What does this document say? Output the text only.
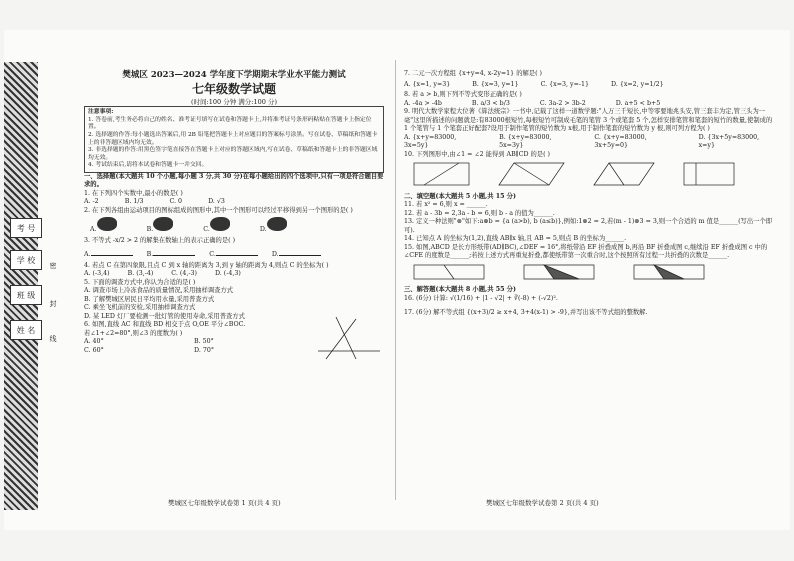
考 号
学 校
班 级
姓 名
密
封
线

樊城区 2023—2024 学年度下学期期末学业水平能力测试

七年级数学试题

(时间:100 分钟 满分:100 分)

注意事项:

1. 答卷前,考生务必将自己的姓名、准考证号填写在试卷和答题卡上,并将准考证号条形码粘贴在答题卡上指定位置。

2. 选择题的作答:每小题选出答案后,用 2B 铅笔把答题卡上对应题目的答案标号涂黑。写在试卷、草稿纸和答题卡上的非答题区域内均无效。

3. 非选择题的作答:用黑色签字笔直接答在答题卡上对应的答题区域内,写在试卷、草稿纸和答题卡上的非答题区域均无效。

4. 考试结束后,请将本试卷和答题卡一并交回。

一、选择题(本大题共 10 个小题,每小题 3 分,共 30 分)在每小题给出的四个选项中,只有一项是符合题目要求的。

1. 在下列四个实数中,最小的数是( )

A. -2	B. 1/3	C. 0	D. √3

2. 在下列各组由运动项目的图标组成的图形中,其中一个图形可以经过平移得到另一个图形的是( )

A.	B.	C.	D.

3. 不等式 -x/2 > 2 的解集在数轴上的表示正确的是( )

A.	B.	C.	D.

4. 若点 C 在第四象限,且点 C 到 x 轴的距离为 3,到 y 轴的距离为 4,则点 C 的坐标为( )

A. (-3,4)	B. (3,-4)	C. (4,-3)	D. (-4,3)

5. 下面的调查方式中,你认为合适的是( )

A. 调查市场上冷冻食品的质量情况,采用抽样调查方式

B. 了解樊城区居民日平均用水量,采用普查方式

C. 乘坐飞机前的安检,采用抽样调查方式

D. 某 LED 灯厂要检测一批灯管的使用寿命,采用普查方式

6. 如图,直线 AC 和直线 BD 相交于点 O,OE 平分∠BOC.

若∠1+∠2=80°,则∠3 的度数为( )

A. 40°	B. 50°
C. 60°	D. 70°
樊城区七年级数学试卷第 1 页(共 4 页)

7. 二元一次方程组 {x+y=4, x-2y=1} 的解是( )

A. {x=1, y=3}	B. {x=3, y=1}	C. {x=3, y=-1}	D. {x=2, y=1/2}

8. 若 a > b,则下列不等式变形正确的是( )

A. -4a > -4b	B. a/3 < b/3	C. 3a-2 > 3b-2	D. a+5 < b+5

9. 明代大数学家程大位著《算法统宗》一书中,记载了这样一道数学题:"人万三千短长,中等零要地兆头安,管三套丰为定,管三头为一毫"这里所描述的问题就是:有83000根短竹,每根短竹可制成毛笔的笔管 3 个或笔套 5 个,怎样安排笔管和笔套的短竹的数量,使制成的 1 个笔管与 1 个笔套正好配套?设用于制作笔管的短竹数为 x根,用于制作笔套的短竹数为 y 根,则可列方程为( )

A. {x+y=83000, 3x=5y}
B. {x+y=83000, 5x=3y}
C. {x+y=83000, 3x+5y=0}
D. {3x+5y=83000, x=y}

10. 下列图形中,由∠1 = ∠2 能得到 AB∥CD 的是( )

二、填空题(本大题共 5 小题,共 15 分)

11. 若 x² = 6,则 x = ______.

12. 若 a - 3b = 2,3a - b = 6,则 b - a 的值为______.

13. 定义一种法则"⊗"如下:a⊗b = {a (a>b), b (a≤b)},例如:1⊗2 = 2,若(m - 1)⊗3 = 3,则一个合适的 m 值是______(写出一个即可).

14. 已知点 A 的坐标为(1,2),直线 AB∥x 轴,且 AB = 5,则点 B 的坐标为______.

15. 如图,ABCD 是长方形纸带(AD∥BC),∠DEF = 16°,将纸带沿 EF 折叠成图 b,再沿 BF 折叠成图 c,继续沿 EF 折叠成图 c 中的∠CFE 的度数是______;若按上述方式再重复折叠,都使纸带第一次重合时,这个按照所有过程一共折叠的次数是______.

三、解答题(本大题共 8 小题,共 55 分)

16. (6分) 计算: √(1/16) + |1 - √2| + ∛(-8) + (-√2)².

17. (6分) 解不等式组 {(x+3)/2 ≥ x+4, 3+4(x-1) > -9},并写出该不等式组的整数解.

樊城区七年级数学试卷第 2 页(共 4 页)
